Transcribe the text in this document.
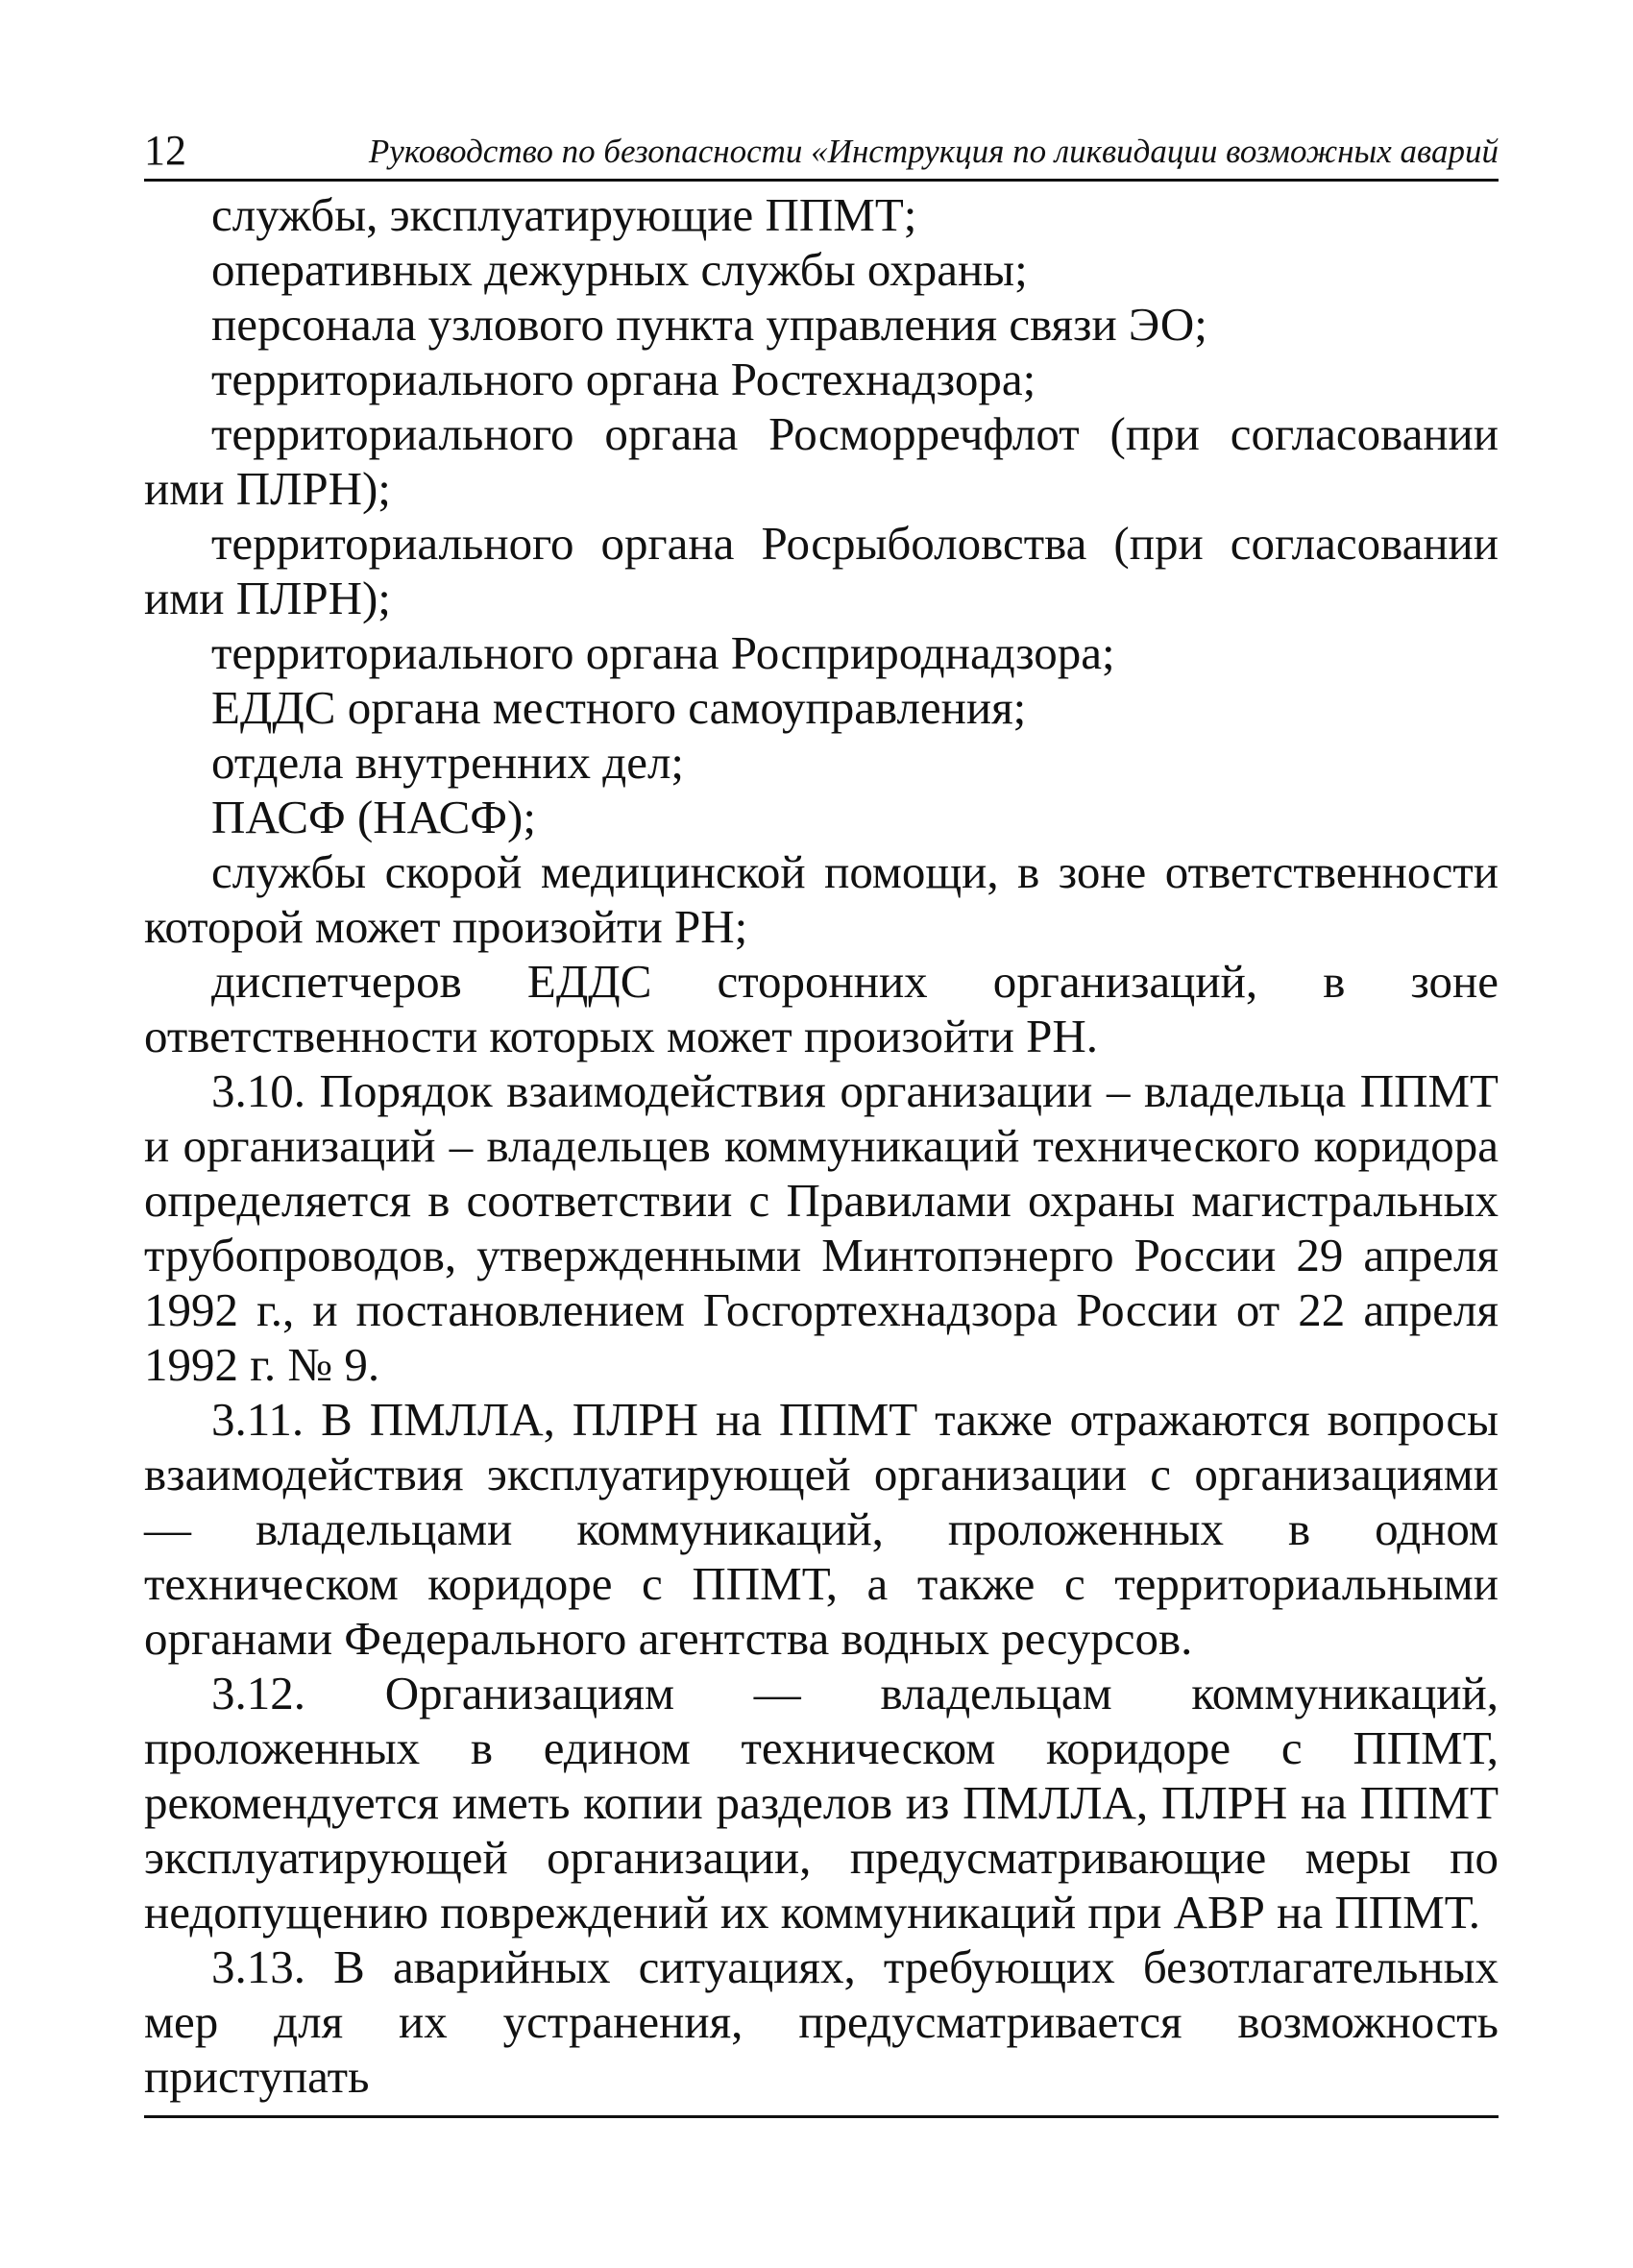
12	Руководство по безопасности «Инструкция по ликвидации возможных аварий

службы, эксплуатирующие ППМТ;

оперативных дежурных службы охраны;

персонала узлового пункта управления связи ЭО;

территориального органа Ростехнадзора;

территориального органа Росморречфлот (при согласовании ими ПЛРН);

территориального органа Росрыболовства (при согласовании ими ПЛРН);

территориального органа Росприроднадзора;

ЕДДС органа местного самоуправления;

отдела внутренних дел;

ПАСФ (НАСФ);

службы скорой медицинской помощи, в зоне ответственности которой может произойти РН;

диспетчеров ЕДДС сторонних организаций, в зоне ответственности которых может произойти РН.

3.10. Порядок взаимодействия организации – владельца ППМТ и организаций – владельцев коммуникаций технического коридора определяется в соответствии с Правилами охраны магистральных трубопроводов, утвержденными Минтопэнерго России 29 апреля 1992 г., и постановлением Госгортехнадзора России от 22 апреля 1992 г. № 9.

3.11. В ПМЛЛА, ПЛРН на ППМТ также отражаются вопросы взаимодействия эксплуатирующей организации с организациями — владельцами коммуникаций, проложенных в одном техническом коридоре с ППМТ, а также с территориальными органами Федерального агентства водных ресурсов.

3.12. Организациям — владельцам коммуникаций, проложенных в едином техническом коридоре с ППМТ, рекомендуется иметь копии разделов из ПМЛЛА, ПЛРН на ППМТ эксплуатирующей организации, предусматривающие меры по недопущению повреждений их коммуникаций при АВР на ППМТ.

3.13. В аварийных ситуациях, требующих безотлагательных мер для их устранения, предусматривается возможность приступать
